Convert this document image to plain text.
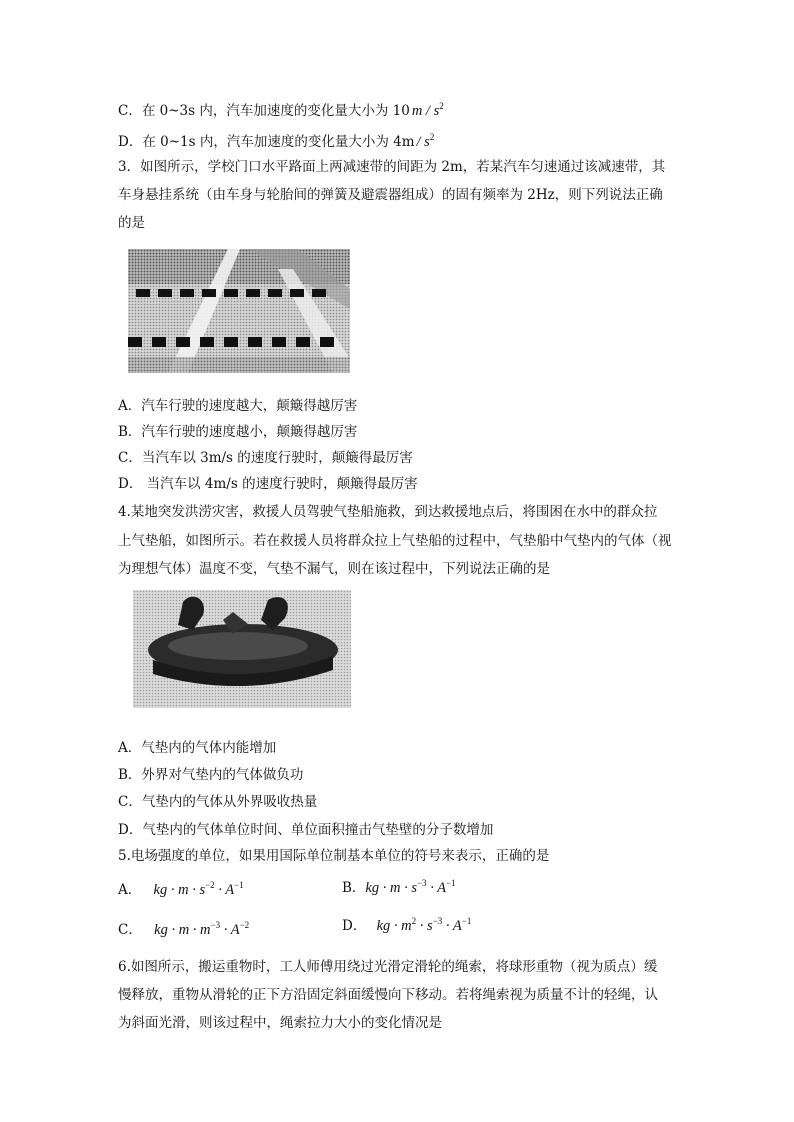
C．在 0~3s 内，汽车加速度的变化量大小为 10 m / $s^2$
D．在 0~1s 内，汽车加速度的变化量大小为 $4m / s^2$
3．如图所示，学校门口水平路面上两减速带的间距为 2m，若某汽车匀速通过该减速带，其
车身悬挂系统（由车身与轮胎间的弹簧及避震器组成）的固有频率为 2Hz，则下列说法正确
的是
A．汽车行驶的速度越大，颠簸得越厉害
B．汽车行驶的速度越小，颠簸得越厉害
C．当汽车以 3m/s 的速度行驶时，颠簸得最厉害
D． 当汽车以 4m/s 的速度行驶时，颠簸得最厉害
4.某地突发洪涝灾害，救援人员驾驶气垫船施救，到达救援地点后，将围困在水中的群众拉
上气垫船，如图所示。若在救援人员将群众拉上气垫船的过程中，气垫船中气垫内的气体（视
为理想气体）温度不变，气垫不漏气，则在该过程中，下列说法正确的是
A．气垫内的气体内能增加
B．外界对气垫内的气体做负功
C．气垫内的气体从外界吸收热量
D．气垫内的气体单位时间、单位面积撞击气垫壁的分子数增加
5.电场强度的单位，如果用国际单位制基本单位的符号来表示，正确的是
A． kg · $m \cdot s^{-2} \cdot A^{-1}$	B．kg · $m \cdot s^{-3} \cdot A^{-1}$
C． kg · $m \cdot m^{-3} \cdot A^{-2}$	D． kg · $m^2 \cdot s^{-3} \cdot A^{-1}$
6.如图所示，搬运重物时，工人师傅用绕过光滑定滑轮的绳索，将球形重物（视为质点）缓
慢释放，重物从滑轮的正下方沿固定斜面缓慢向下移动。若将绳索视为质量不计的轻绳，认
为斜面光滑，则该过程中，绳索拉力大小的变化情况是
